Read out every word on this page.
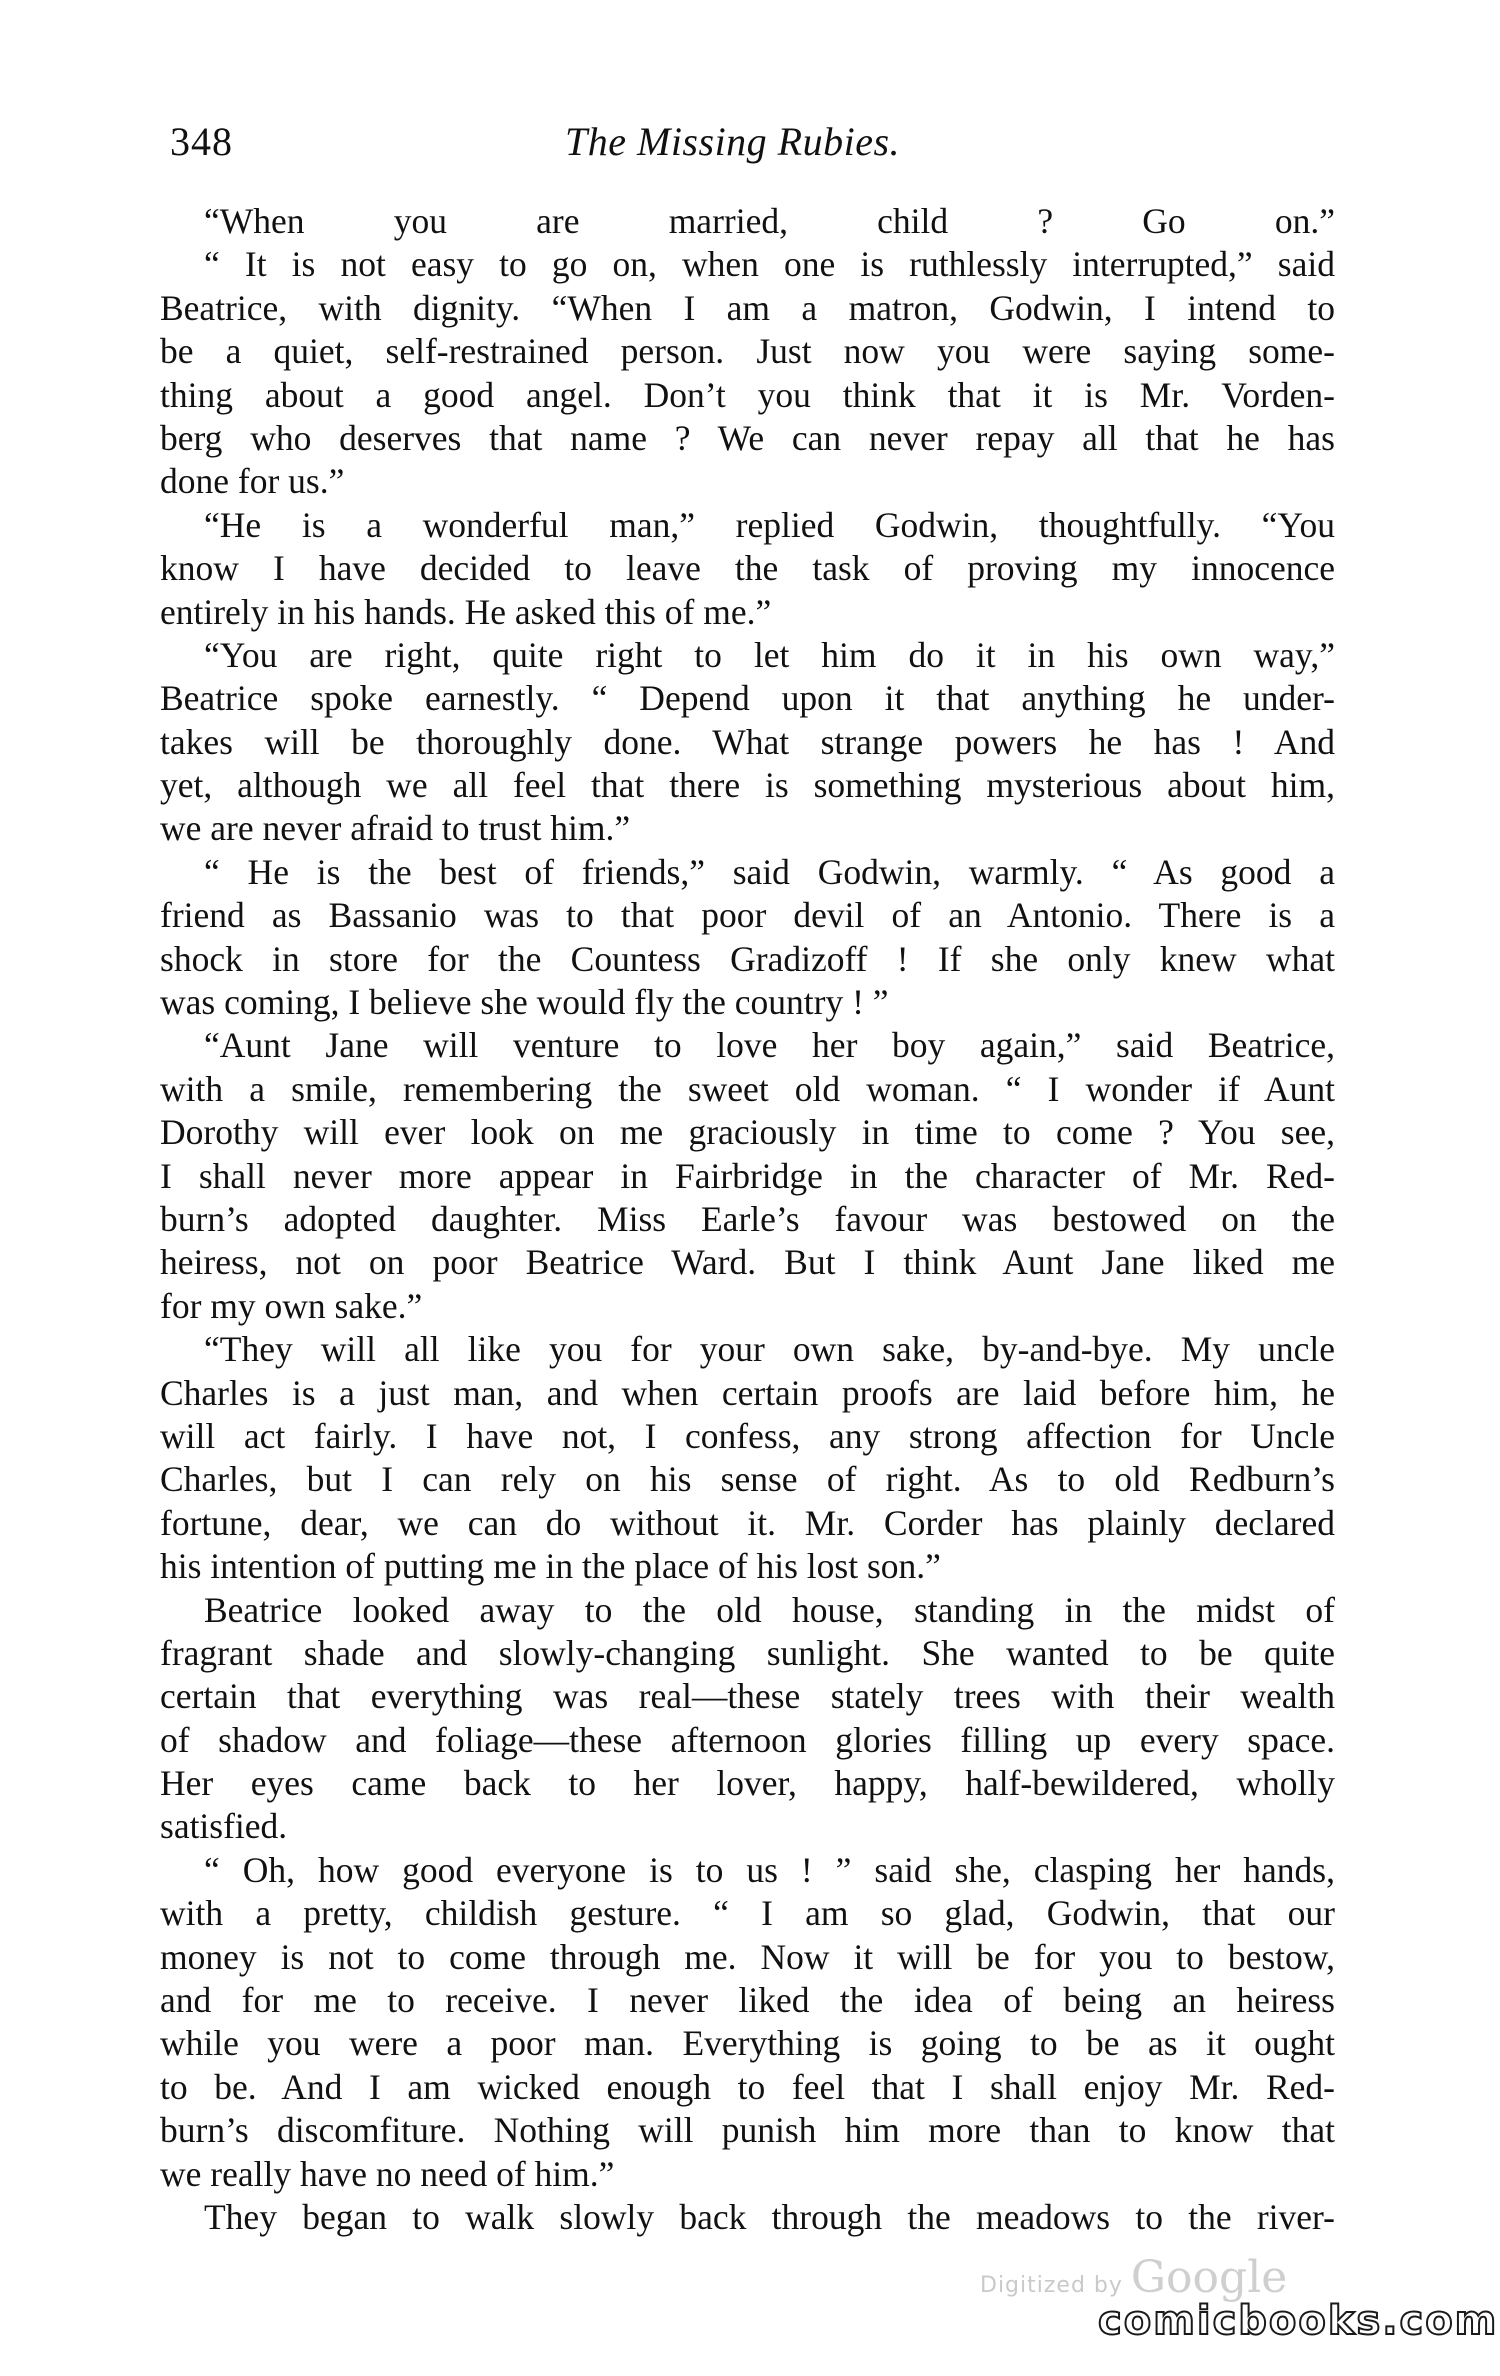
348	The Missing Rubies.
“When you are married, child ? Go on.”
“ It is not easy to go on, when one is ruthlessly interrupted,” said
Beatrice, with dignity. “When I am a matron, Godwin, I intend to
be a quiet, self-restrained person. Just now you were saying some-
thing about a good angel. Don’t you think that it is Mr. Vorden-
berg who deserves that name ? We can never repay all that he has
done for us.”
“He is a wonderful man,” replied Godwin, thoughtfully. “You
know I have decided to leave the task of proving my innocence
entirely in his hands. He asked this of me.”
“You are right, quite right to let him do it in his own way,”
Beatrice spoke earnestly. “ Depend upon it that anything he under-
takes will be thoroughly done. What strange powers he has ! And
yet, although we all feel that there is something mysterious about him,
we are never afraid to trust him.”
“ He is the best of friends,” said Godwin, warmly. “ As good a
friend as Bassanio was to that poor devil of an Antonio. There is a
shock in store for the Countess Gradizoff ! If she only knew what
was coming, I believe she would fly the country ! ”
“Aunt Jane will venture to love her boy again,” said Beatrice,
with a smile, remembering the sweet old woman. “ I wonder if Aunt
Dorothy will ever look on me graciously in time to come ? You see,
I shall never more appear in Fairbridge in the character of Mr. Red-
burn’s adopted daughter. Miss Earle’s favour was bestowed on the
heiress, not on poor Beatrice Ward. But I think Aunt Jane liked me
for my own sake.”
“They will all like you for your own sake, by-and-bye. My uncle
Charles is a just man, and when certain proofs are laid before him, he
will act fairly. I have not, I confess, any strong affection for Uncle
Charles, but I can rely on his sense of right. As to old Redburn’s
fortune, dear, we can do without it. Mr. Corder has plainly declared
his intention of putting me in the place of his lost son.”
Beatrice looked away to the old house, standing in the midst of
fragrant shade and slowly-changing sunlight. She wanted to be quite
certain that everything was real—these stately trees with their wealth
of shadow and foliage—these afternoon glories filling up every space.
Her eyes came back to her lover, happy, half-bewildered, wholly
satisfied.
“ Oh, how good everyone is to us ! ” said she, clasping her hands,
with a pretty, childish gesture. “ I am so glad, Godwin, that our
money is not to come through me. Now it will be for you to bestow,
and for me to receive. I never liked the idea of being an heiress
while you were a poor man. Everything is going to be as it ought
to be. And I am wicked enough to feel that I shall enjoy Mr. Red-
burn’s discomfiture. Nothing will punish him more than to know that
we really have no need of him.”
They began to walk slowly back through the meadows to the river-
Digitized by Google
comicbooks.com
